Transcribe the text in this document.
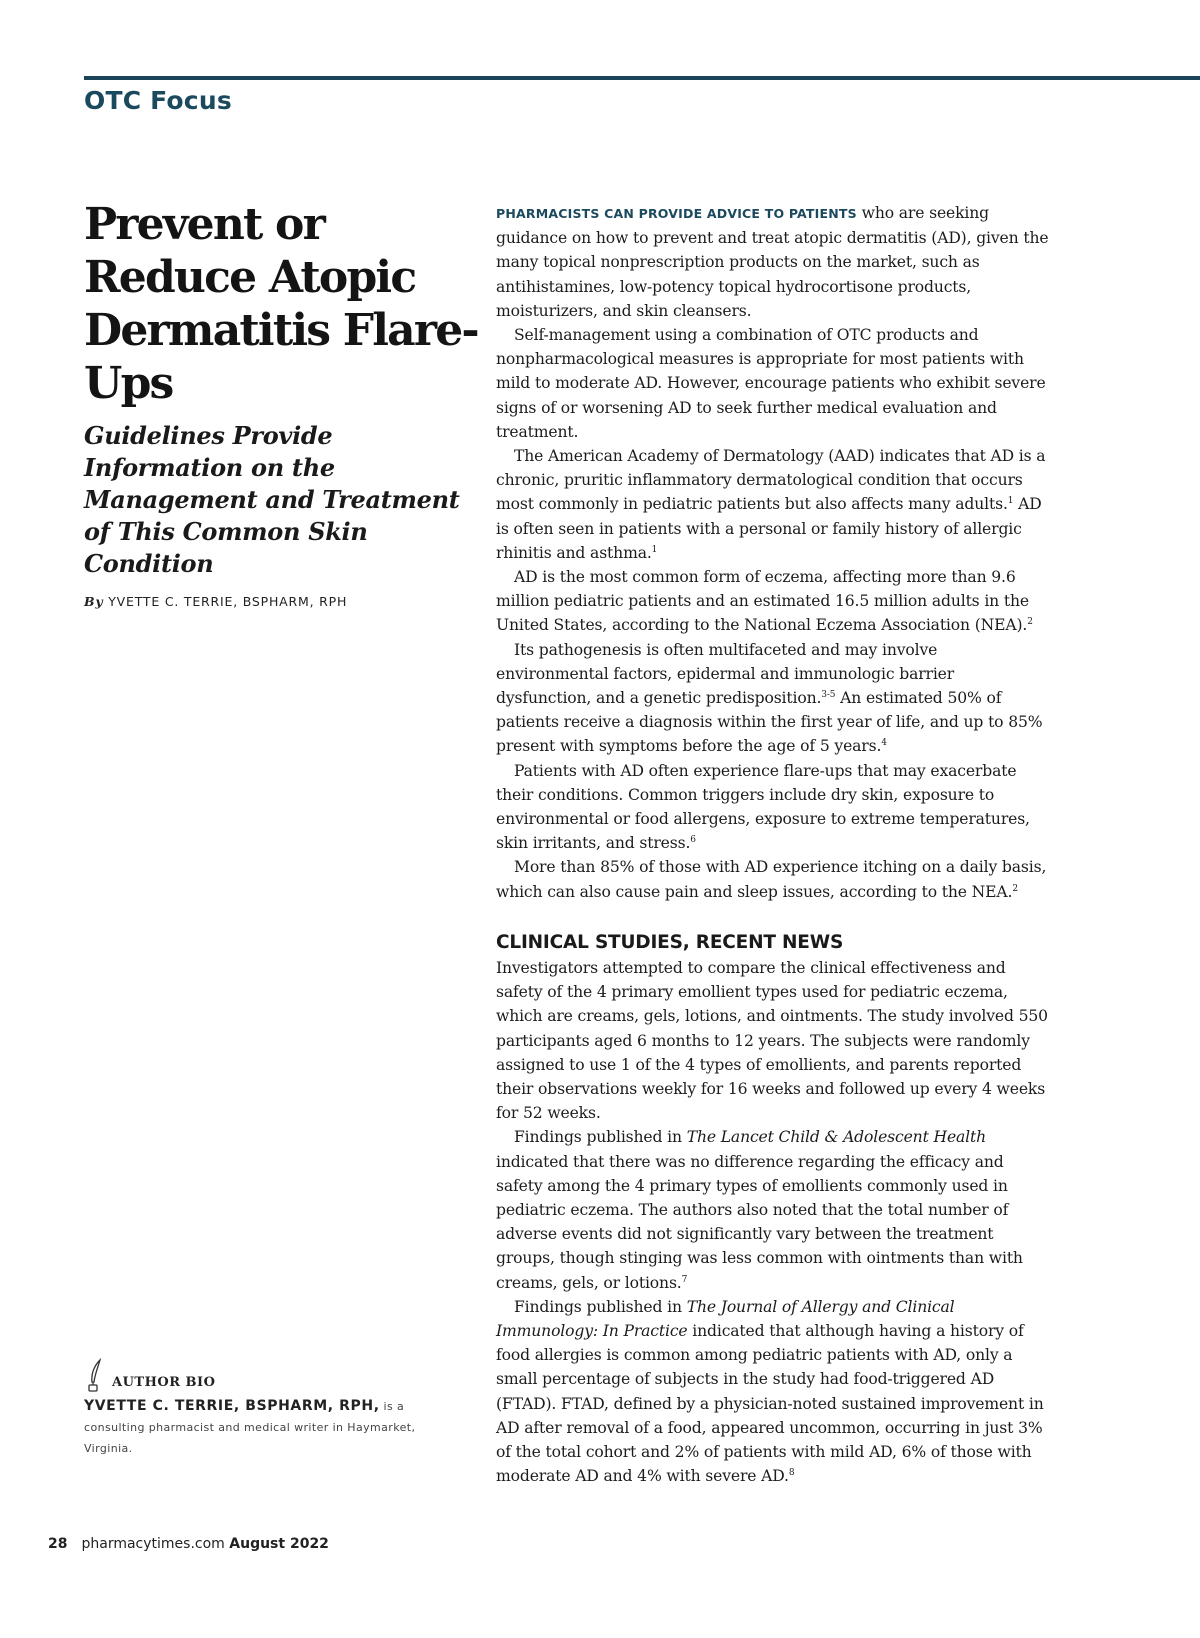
OTC Focus
Prevent or Reduce Atopic Dermatitis Flare-Ups
Guidelines Provide Information on the Management and Treatment of This Common Skin Condition
By YVETTE C. TERRIE, BSPHARM, RPH
AUTHOR BIO
YVETTE C. TERRIE, BSPHARM, RPH, is a consulting pharmacist and medical writer in Haymarket, Virginia.

PHARMACISTS CAN PROVIDE ADVICE TO PATIENTS who are seeking guidance on how to prevent and treat atopic dermatitis (AD), given the many topical nonprescription products on the market, such as antihistamines, low-potency topical hydrocortisone products, moisturizers, and skin cleansers.

Self-management using a combination of OTC products and nonpharmacological measures is appropriate for most patients with mild to moderate AD. However, encourage patients who exhibit severe signs of or worsening AD to seek further medical evaluation and treatment.

The American Academy of Dermatology (AAD) indicates that AD is a chronic, pruritic inflammatory dermatological condition that occurs most commonly in pediatric patients but also affects many adults.$^1$ AD is often seen in patients with a personal or family history of allergic rhinitis and asthma.$^1$

AD is the most common form of eczema, affecting more than 9.6 million pediatric patients and an estimated 16.5 million adults in the United States, according to the National Eczema Association (NEA).$^2$

Its pathogenesis is often multifaceted and may involve environmental factors, epidermal and immunologic barrier dysfunction, and a genetic predisposition.$^{3-5}$ An estimated 50% of patients receive a diagnosis within the first year of life, and up to 85% present with symptoms before the age of 5 years.$^4$

Patients with AD often experience flare-ups that may exacerbate their conditions. Common triggers include dry skin, exposure to environmental or food allergens, exposure to extreme temperatures, skin irritants, and stress.$^6$

More than 85% of those with AD experience itching on a daily basis, which can also cause pain and sleep issues, according to the NEA.$^2$

CLINICAL STUDIES, RECENT NEWS

Investigators attempted to compare the clinical effectiveness and safety of the 4 primary emollient types used for pediatric eczema, which are creams, gels, lotions, and ointments. The study involved 550 participants aged 6 months to 12 years. The subjects were randomly assigned to use 1 of the 4 types of emollients, and parents reported their observations weekly for 16 weeks and followed up every 4 weeks for 52 weeks.

Findings published in The Lancet Child & Adolescent Health indicated that there was no difference regarding the efficacy and safety among the 4 primary types of emollients commonly used in pediatric eczema. The authors also noted that the total number of adverse events did not significantly vary between the treatment groups, though stinging was less common with ointments than with creams, gels, or lotions.$^7$

Findings published in The Journal of Allergy and Clinical Immunology: In Practice indicated that although having a history of food allergies is common among pediatric patients with AD, only a small percentage of subjects in the study had food-triggered AD (FTAD). FTAD, defined by a physician-noted sustained improvement in AD after removal of a food, appeared uncommon, occurring in just 3% of the total cohort and 2% of patients with mild AD, 6% of those with moderate AD and 4% with severe AD.$^8$

28 pharmacytimes.com August 2022
